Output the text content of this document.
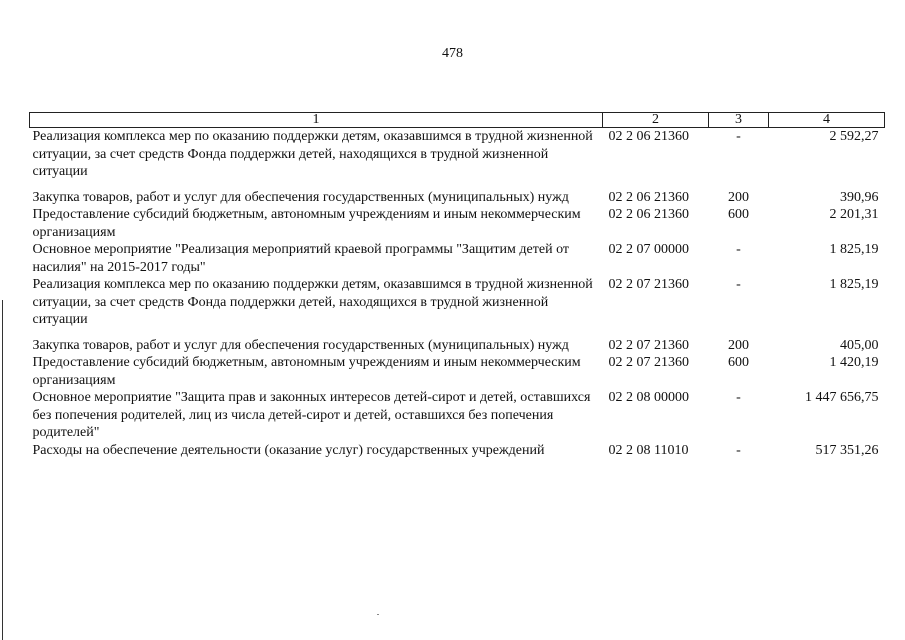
478
1	2	3	4
Реализация комплекса мер по оказанию поддержки детям, оказавшимся в трудной жизненной ситуации, за счет средств Фонда поддержки детей, находящихся в трудной жизненной ситуации	02 2 06 21360	-	2 592,27
Закупка товаров, работ и услуг для обеспечения государственных (муниципальных) нужд	02 2 06 21360	200	390,96
Предоставление субсидий бюджетным, автономным учреждениям и иным некоммерческим организациям	02 2 06 21360	600	2 201,31
Основное мероприятие "Реализация мероприятий краевой программы "Защитим детей от насилия" на 2015-2017 годы"	02 2 07 00000	-	1 825,19
Реализация комплекса мер по оказанию поддержки детям, оказавшимся в трудной жизненной ситуации, за счет средств Фонда поддержки детей, находящихся в трудной жизненной ситуации	02 2 07 21360	-	1 825,19
Закупка товаров, работ и услуг для обеспечения государственных (муниципальных) нужд	02 2 07 21360	200	405,00
Предоставление субсидий бюджетным, автономным учреждениям и иным некоммерческим организациям	02 2 07 21360	600	1 420,19
Основное мероприятие "Защита прав и законных интересов детей-сирот и детей, оставшихся без попечения родителей, лиц из числа детей-сирот и детей, оставшихся без попечения родителей"	02 2 08 00000	-	1 447 656,75
Расходы на обеспечение деятельности (оказание услуг) государственных учреждений	02 2 08 11010	-	517 351,26
